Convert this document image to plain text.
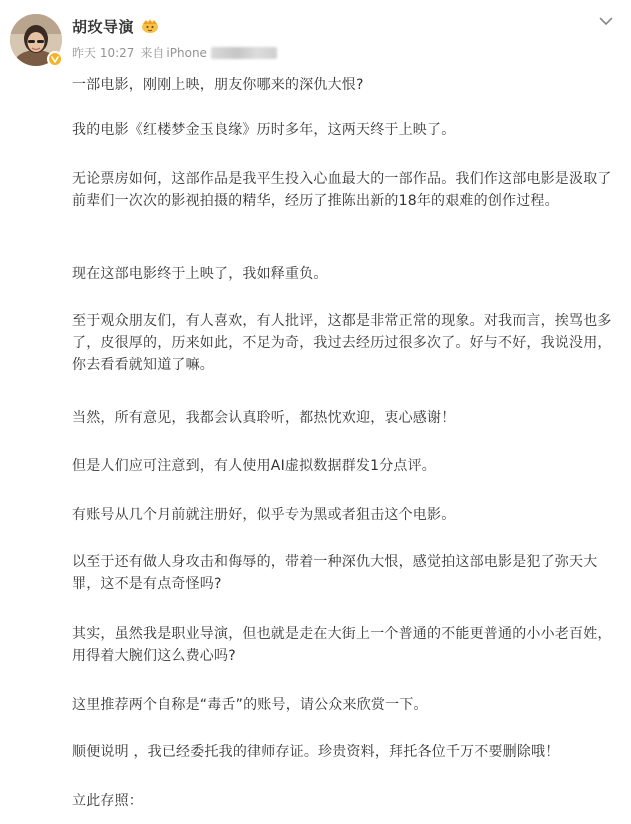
胡玫导演
昨天 10:27 来自 iPhone

一部电影，刚刚上映，朋友你哪来的深仇大恨?

我的电影《红楼梦金玉良缘》历时多年，这两天终于上映了。

无论票房如何，这部作品是我平生投入心血最大的一部作品。我们作这部电影是汲取了前辈们一次次的影视拍摄的精华，经历了推陈出新的18年的艰难的创作过程。

现在这部电影终于上映了，我如释重负。

至于观众朋友们，有人喜欢，有人批评，这都是非常正常的现象。对我而言，挨骂也多了，皮很厚的，历来如此，不足为奇，我过去经历过很多次了。好与不好，我说没用，你去看看就知道了嘛。

当然，所有意见，我都会认真聆听，都热忱欢迎，衷心感谢！

但是人们应可注意到，有人使用AI虚拟数据群发1分点评。

有账号从几个月前就注册好，似乎专为黑或者狙击这个电影。

以至于还有做人身攻击和侮辱的，带着一种深仇大恨，感觉拍这部电影是犯了弥天大罪，这不是有点奇怪吗?

其实，虽然我是职业导演，但也就是走在大街上一个普通的不能更普通的小小老百姓，用得着大腕们这么费心吗?

这里推荐两个自称是“毒舌”的账号，请公众来欣赏一下。

顺便说明 ，我已经委托我的律师存证。珍贵资料，拜托各位千万不要删除哦！

立此存照：
